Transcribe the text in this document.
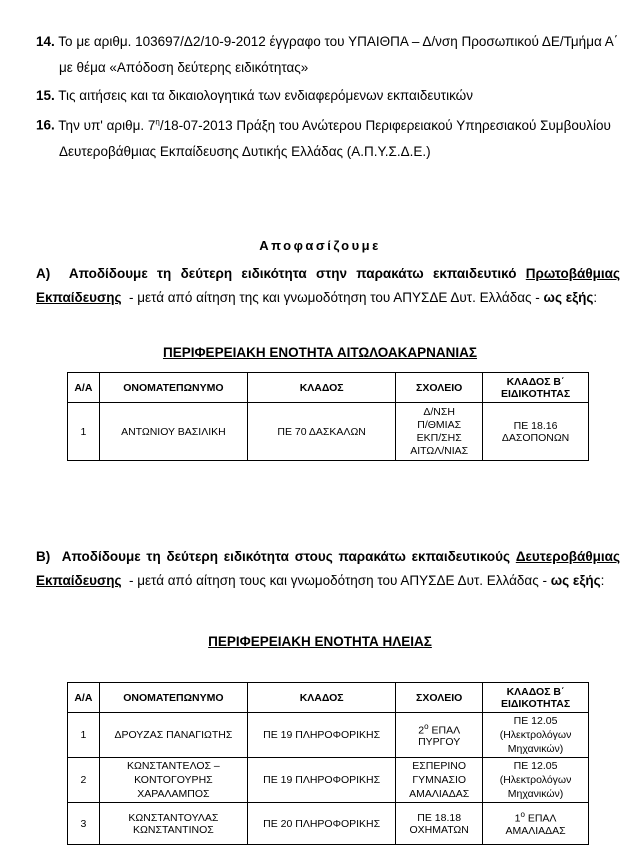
14. Το με αριθμ. 103697/Δ2/10-9-2012 έγγραφο του ΥΠΑΙΘΠΑ – Δ/νση Προσωπικού ΔΕ/Τμήμα Α΄
με θέμα «Απόδοση δεύτερης ειδικότητας»
15. Τις αιτήσεις και τα δικαιολογητικά των ενδιαφερόμενων εκπαιδευτικών
16. Την υπ' αριθμ. $7^\eta/18-07-2013$ Πράξη του Ανώτερου Περιφερειακού Υπηρεσιακού Συμβουλίου
Δευτεροβάθμιας Εκπαίδευσης Δυτικής Ελλάδας (Α.Π.Υ.Σ.Δ.Ε.)
Αποφασίζουμε
Α) Αποδίδουμε τη δεύτερη ειδικότητα στην παρακάτω εκπαιδευτικό Πρωτοβάθμιας Εκπαίδευσης - μετά από αίτηση της και γνωμοδότηση του ΑΠΥΣΔΕ Δυτ. Ελλάδας - ως εξής:
ΠΕΡΙΦΕΡΕΙΑΚΗ ΕΝΟΤΗΤΑ ΑΙΤΩΛΟΑΚΑΡΝΑΝΙΑΣ
Α/Α	ΟΝΟΜΑΤΕΠΩΝΥΜΟ	ΚΛΑΔΟΣ	ΣΧΟΛΕΙΟ	ΚΛΑΔΟΣ Β΄
ΕΙΔΙΚΟΤΗΤΑΣ
1	ΑΝΤΩΝΙΟΥ ΒΑΣΙΛΙΚΗ	ΠΕ 70 ΔΑΣΚΑΛΩΝ	Δ/ΝΣΗ
Π/ΘΜΙΑΣ
ΕΚΠ/ΣΗΣ
ΑΙΤΩΛ/ΝΙΑΣ	ΠΕ 18.16
ΔΑΣΟΠΟΝΩΝ
Β) Αποδίδουμε τη δεύτερη ειδικότητα στους παρακάτω εκπαιδευτικούς Δευτεροβάθμιας Εκπαίδευσης - μετά από αίτηση τους και γνωμοδότηση του ΑΠΥΣΔΕ Δυτ. Ελλάδας - ως εξής:
ΠΕΡΙΦΕΡΕΙΑΚΗ ΕΝΟΤΗΤΑ ΗΛΕΙΑΣ
Α/Α	ΟΝΟΜΑΤΕΠΩΝΥΜΟ	ΚΛΑΔΟΣ	ΣΧΟΛΕΙΟ	ΚΛΑΔΟΣ Β΄
ΕΙΔΙΚΟΤΗΤΑΣ
1	ΔΡΟΥΖΑΣ ΠΑΝΑΓΙΩΤΗΣ	ΠΕ 19 ΠΛΗΡΟΦΟΡΙΚΗΣ	$2^o$ ΕΠΑΛ
ΠΥΡΓΟΥ	ΠΕ 12.05
(Ηλεκτρολόγων
Μηχανικών)
2	ΚΩΝΣΤΑΝΤΕΛΟΣ –
ΚΟΝΤΟΓΟΥΡΗΣ
ΧΑΡΑΛΑΜΠΟΣ	ΠΕ 19 ΠΛΗΡΟΦΟΡΙΚΗΣ	ΕΣΠΕΡΙΝΟ
ΓΥΜΝΑΣΙΟ
ΑΜΑΛΙΑΔΑΣ	ΠΕ 12.05
(Ηλεκτρολόγων
Μηχανικών)
3	ΚΩΝΣΤΑΝΤΟΥΛΑΣ
ΚΩΝΣΤΑΝΤΙΝΟΣ	ΠΕ 20 ΠΛΗΡΟΦΟΡΙΚΗΣ	ΠΕ 18.18
ΟΧΗΜΑΤΩΝ	$1^o$ ΕΠΑΛ
ΑΜΑΛΙΑΔΑΣ
